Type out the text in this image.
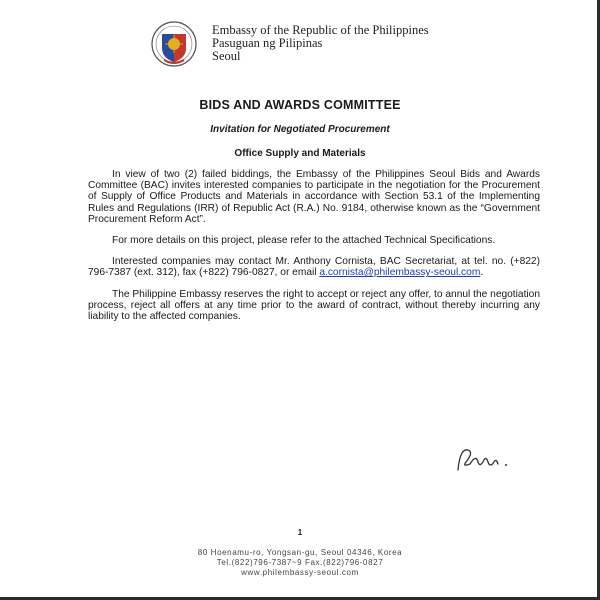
Embassy of the Republic of the Philippines
Pasuguan ng Pilipinas
Seoul
BIDS AND AWARDS COMMITTEE
Invitation for Negotiated Procurement
Office Supply and Materials

In view of two (2) failed biddings, the Embassy of the Philippines Seoul Bids and Awards Committee (BAC) invites interested companies to participate in the negotiation for the Procurement of Supply of Office Products and Materials in accordance with Section 53.1 of the Implementing Rules and Regulations (IRR) of Republic Act (R.A.) No. 9184, otherwise known as the “Government Procurement Reform Act”.

For more details on this project, please refer to the attached Technical Specifications.

Interested companies may contact Mr. Anthony Cornista, BAC Secretariat, at tel. no. (+822) 796-7387 (ext. 312), fax (+822) 796-0827, or email a.cornista@philembassy-seoul.com.

The Philippine Embassy reserves the right to accept or reject any offer, to annul the negotiation process, reject all offers at any time prior to the award of contract, without thereby incurring any liability to the affected companies.

1
80 Hoenamu-ro, Yongsan-gu, Seoul 04346, Korea
Tel.(822)796-7387~9 Fax.(822)796-0827
www.philembassy-seoul.com
